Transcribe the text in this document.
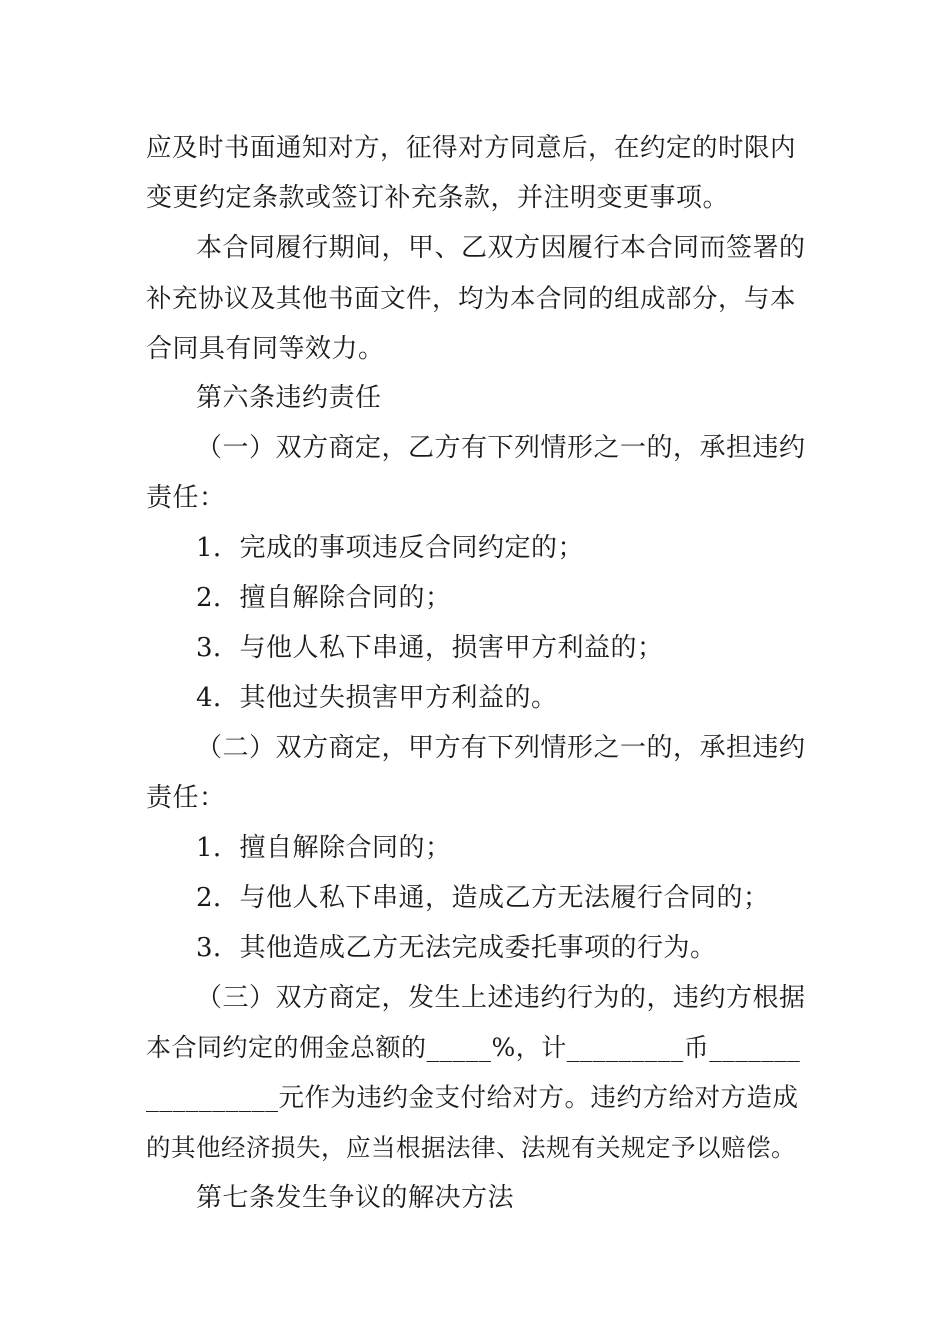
应及时书面通知对方，征得对方同意后，在约定的时限内
变更约定条款或签订补充条款，并注明变更事项。
本合同履行期间，甲、乙双方因履行本合同而签署的
补充协议及其他书面文件，均为本合同的组成部分，与本
合同具有同等效力。
第六条违约责任
（一）双方商定，乙方有下列情形之一的，承担违约
责任：
1．完成的事项违反合同约定的；
2．擅自解除合同的；
3．与他人私下串通，损害甲方利益的；
4．其他过失损害甲方利益的。
（二）双方商定，甲方有下列情形之一的，承担违约
责任：
1．擅自解除合同的；
2．与他人私下串通，造成乙方无法履行合同的；
3．其他造成乙方无法完成委托事项的行为。
（三）双方商定，发生上述违约行为的，违约方根据
本合同约定的佣金总额的_____%，计_________币_______
__________元作为违约金支付给对方。违约方给对方造成
的其他经济损失，应当根据法律、法规有关规定予以赔偿。
第七条发生争议的解决方法
